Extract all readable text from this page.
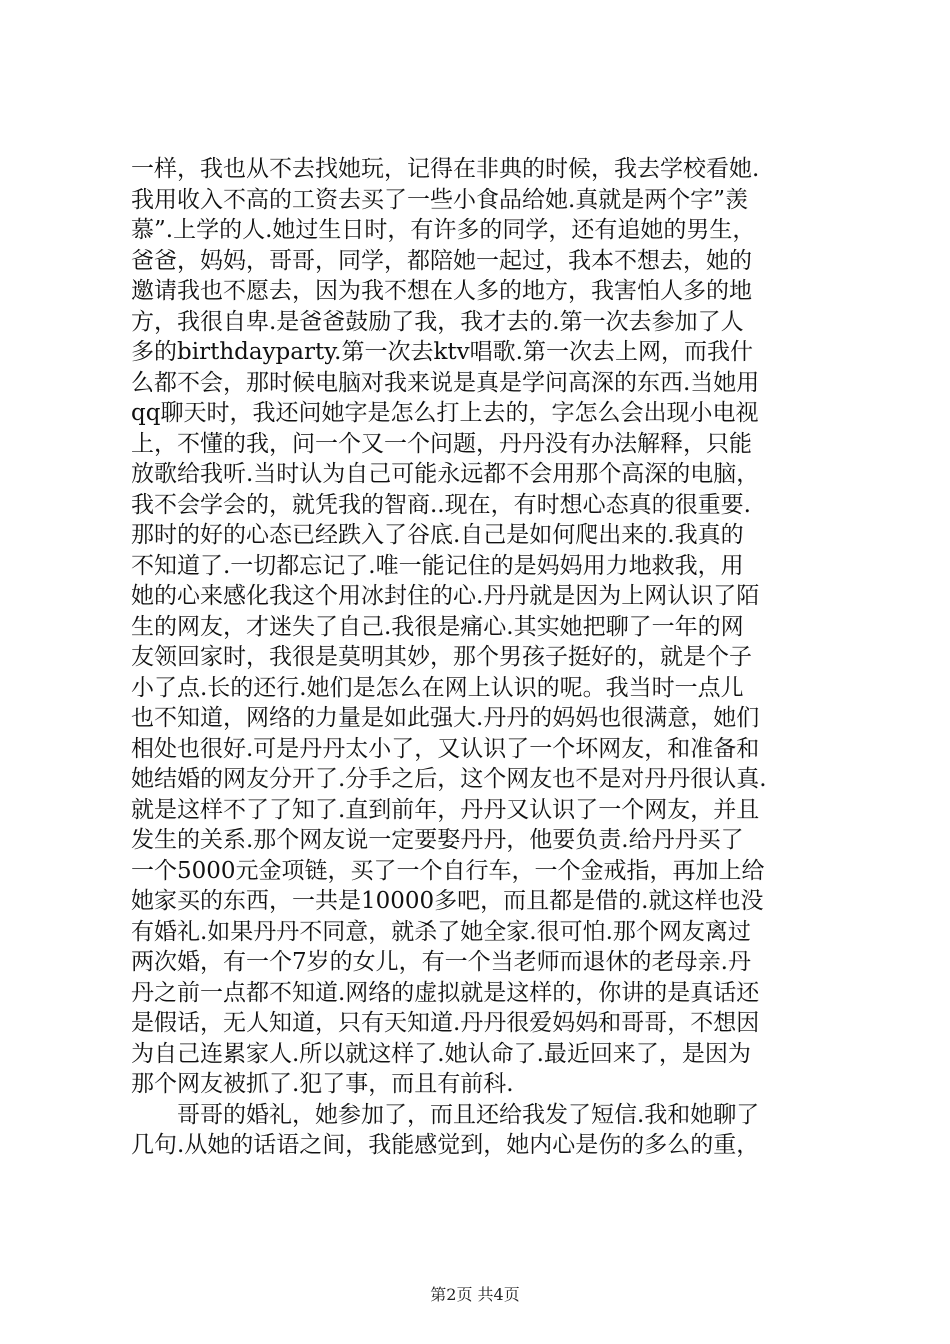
一样，我也从不去找她玩，记得在非典的时候，我去学校看她.
我用收入不高的工资去买了一些小食品给她.真就是两个字”羡
慕”.上学的人.她过生日时，有许多的同学，还有追她的男生，
爸爸，妈妈，哥哥，同学，都陪她一起过，我本不想去，她的
邀请我也不愿去，因为我不想在人多的地方，我害怕人多的地
方，我很自卑.是爸爸鼓励了我，我才去的.第一次去参加了人
多的birthdayparty.第一次去ktv唱歌.第一次去上网，而我什
么都不会，那时候电脑对我来说是真是学问高深的东西.当她用
qq聊天时，我还问她字是怎么打上去的，字怎么会出现小电视
上，不懂的我，问一个又一个问题，丹丹没有办法解释，只能
放歌给我听.当时认为自己可能永远都不会用那个高深的电脑，
我不会学会的，就凭我的智商..现在，有时想心态真的很重要.
那时的好的心态已经跌入了谷底.自己是如何爬出来的.我真的
不知道了.一切都忘记了.唯一能记住的是妈妈用力地救我，用
她的心来感化我这个用冰封住的心.丹丹就是因为上网认识了陌
生的网友，才迷失了自己.我很是痛心.其实她把聊了一年的网
友领回家时，我很是莫明其妙，那个男孩子挺好的，就是个子
小了点.长的还行.她们是怎么在网上认识的呢。我当时一点儿
也不知道，网络的力量是如此强大.丹丹的妈妈也很满意，她们
相处也很好.可是丹丹太小了，又认识了一个坏网友，和准备和
她结婚的网友分开了.分手之后，这个网友也不是对丹丹很认真.
就是这样不了了知了.直到前年，丹丹又认识了一个网友，并且
发生的关系.那个网友说一定要娶丹丹，他要负责.给丹丹买了
一个5000元金项链，买了一个自行车，一个金戒指，再加上给
她家买的东西，一共是10000多吧，而且都是借的.就这样也没
有婚礼.如果丹丹不同意，就杀了她全家.很可怕.那个网友离过
两次婚，有一个7岁的女儿，有一个当老师而退休的老母亲.丹
丹之前一点都不知道.网络的虚拟就是这样的，你讲的是真话还
是假话，无人知道，只有天知道.丹丹很爱妈妈和哥哥，不想因
为自己连累家人.所以就这样了.她认命了.最近回来了，是因为
那个网友被抓了.犯了事，而且有前科.
　　哥哥的婚礼，她参加了，而且还给我发了短信.我和她聊了
几句.从她的话语之间，我能感觉到，她内心是伤的多么的重，
第2页 共4页
